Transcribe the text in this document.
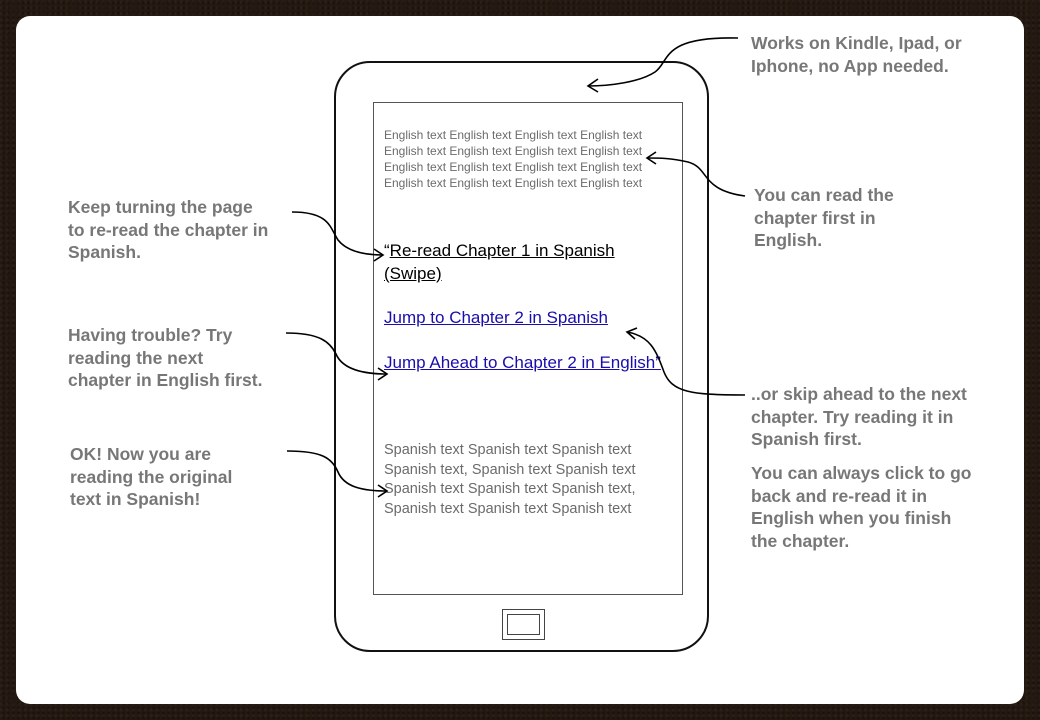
English text English text English text English text
English text English text English text English text
English text English text English text English text
English text English text English text English text

“Re-read Chapter 1 in Spanish (Swipe)

Jump to Chapter 2 in Spanish

Jump Ahead to Chapter 2 in English”

Spanish text Spanish text Spanish text
Spanish text, Spanish text Spanish text
Spanish text Spanish text Spanish text,
Spanish text Spanish text Spanish text

Works on Kindle, Ipad, or
Iphone, no App needed.

You can read the
chapter first in
English.

Keep turning the page
to re-read the chapter in
Spanish.

Having trouble? Try
reading the next
chapter in English first.

OK! Now you are
reading the original
text in Spanish!

..or skip ahead to the next
chapter. Try reading it in
Spanish first.

You can always click to go
back and re-read it in
English when you finish
the chapter.
